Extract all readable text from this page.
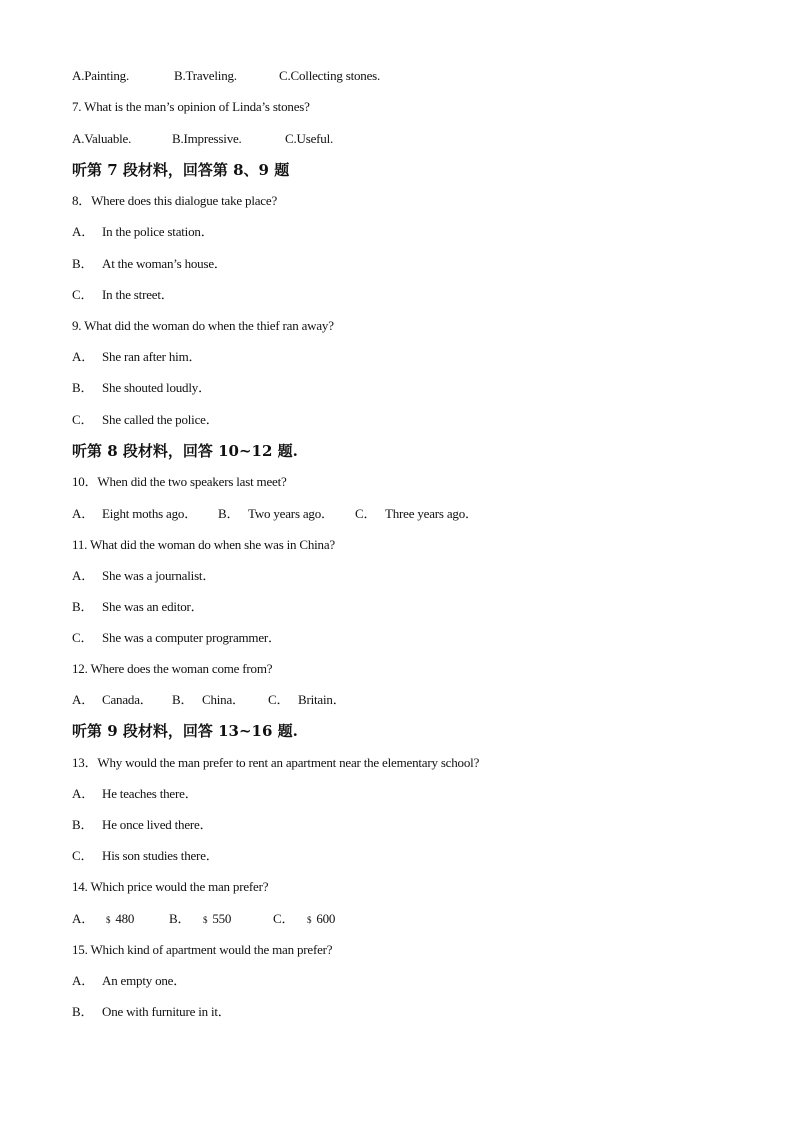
A.Painting.	B.Traveling.	C.Collecting stones.
7. What is the man’s opinion of Linda’s stones?
A.Valuable.	B.Impressive.	C.Useful.
听第 7 段材料，回答第 8、9 题
8．Where does this dialogue take place?
A． In the police station．
B． At the woman’s house．
C． In the street．
9. What did the woman do when the thief ran away?
A． She ran after him．
B． She shouted loudly．
C． She called the police．
听第 8 段材料，回答 10~12 题.
10．When did the two speakers last meet?
A． Eight moths ago． B． Two years ago． C． Three years ago．
11. What did the woman do when she was in China?
A． She was a journalist．
B． She was an editor．
C． She was a computer programmer．
12. Where does the woman come from?
A． Canada． B． China． C． Britain．
听第 9 段材料，回答 13~16 题.
13．Why would the man prefer to rent an apartment near the elementary school?
A． He teaches there．
B． He once lived there．
C． His son studies there．
14. Which price would the man prefer?
A． $ 480	B． $ 550	C． $ 600
15. Which kind of apartment would the man prefer?
A． An empty one．
B． One with furniture in it．
